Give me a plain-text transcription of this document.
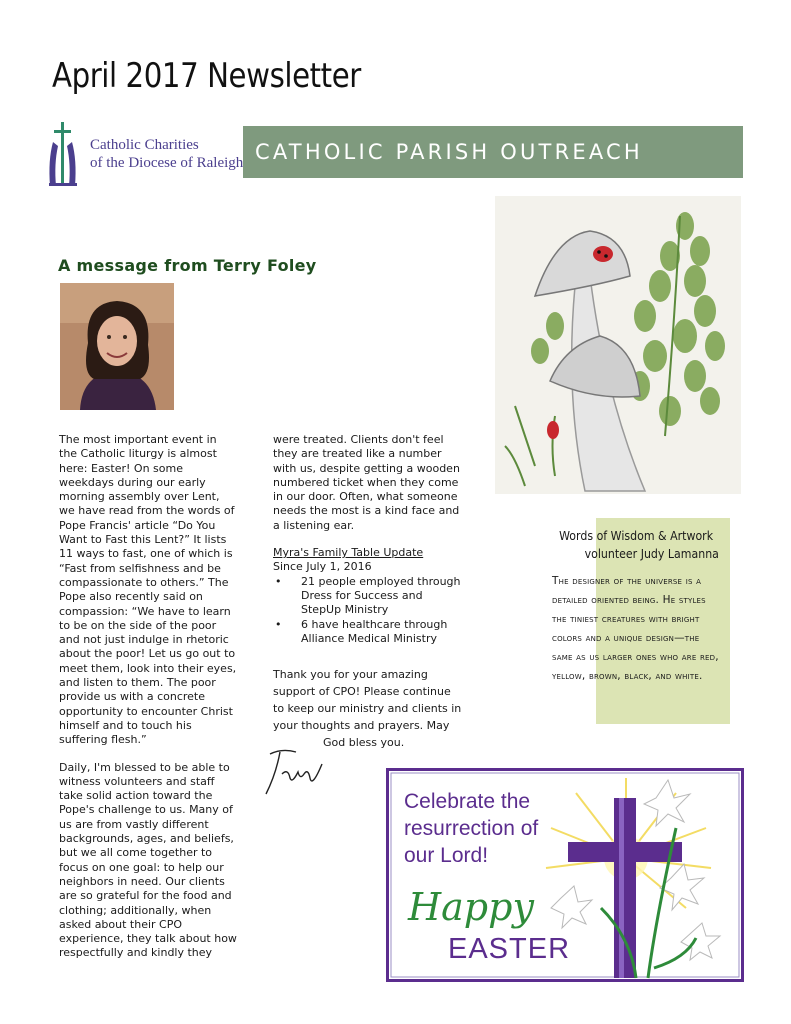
April 2017 Newsletter
Catholic Charities
of the Diocese of Raleigh CATHOLIC PARISH OUTREACH
A message from Terry Foley

The most important event in the Catholic liturgy is almost here: Easter! On some weekdays during our early morning assembly over Lent, we have read from the words of Pope Francis' article “Do You Want to Fast this Lent?” It lists 11 ways to fast, one of which is “Fast from selfishness and be compassionate to others.” The Pope also recently said on compassion: “We have to learn to be on the side of the poor and not just indulge in rhetoric about the poor! Let us go out to meet them, look into their eyes, and listen to them. The poor provide us with a concrete opportunity to encounter Christ himself and to touch his suffering flesh.”

Daily, I'm blessed to be able to witness volunteers and staff take solid action toward the Pope's challenge to us. Many of us are from vastly different backgrounds, ages, and beliefs, but we all come together to focus on one goal: to help our neighbors in need. Our clients are so grateful for the food and clothing; additionally, when asked about their CPO experience, they talk about how respectfully and kindly they

were treated. Clients don't feel they are treated like a number with us, despite getting a wooden numbered ticket when they come in our door. Often, what someone needs the most is a kind face and a listening ear.

Myra's Family Table Update

Since July 1, 2016

• 21 people employed through Dress for Success and StepUp Ministry
• 6 have healthcare through Alliance Medical Ministry

Thank you for your amazing support of CPO! Please continue to keep our ministry and clients in your thoughts and prayers. May

God bless you.

Words of Wisdom & Artwork
volunteer Judy Lamanna
The designer of the universe is a detailed oriented being. He styles the tiniest creatures with bright colors and a unique design—the same as us larger ones who are red, yellow, brown, black, and white.
Celebrate the
resurrection of
our Lord!
Happy
EASTER
